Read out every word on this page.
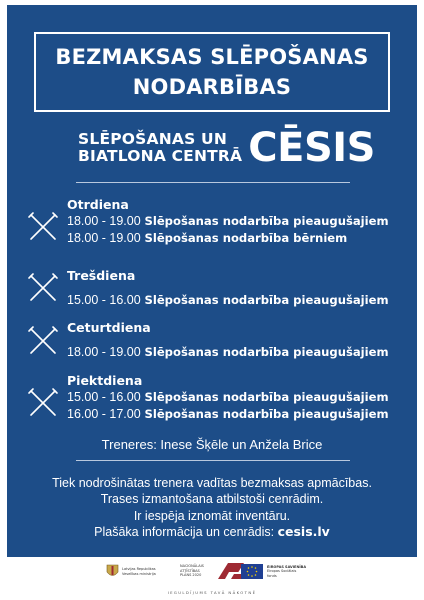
BEZMAKSAS SLĒPOŠANAS
NODARBĪBAS
SLĒPOŠANAS UN
BIATLONA CENTRĀ CĒSIS
Otrdiena
18.00 - 19.00 Slēpošanas nodarbība pieaugušajiem
18.00 - 19.00 Slēpošanas nodarbība bērniem
Trešdiena
15.00 - 16.00 Slēpošanas nodarbība pieaugušajiem
Ceturtdiena
18.00 - 19.00 Slēpošanas nodarbība pieaugušajiem
Piektdiena
15.00 - 16.00 Slēpošanas nodarbība pieaugušajiem
16.00 - 17.00 Slēpošanas nodarbība pieaugušajiem
Treneres: Inese Šķēle un Anžela Brice
Tiek nodrošinātas trenera vadītas bezmaksas apmācības.
Trases izmantošana atbilstoši cenrādim.
Ir iespēja iznomāt inventāru.
Plašāka informācija un cenrādis: cesis.lv
Latvijas Republikas Veselības ministrija
NACIONĀLAIS
ATTĪSTĪBAS
PLĀNS 2020
EIROPAS SAVIENĪBA
Eiropas Sociālais
fonds
IEGULDĪJUMS TAVĀ NĀKOTNĒ
